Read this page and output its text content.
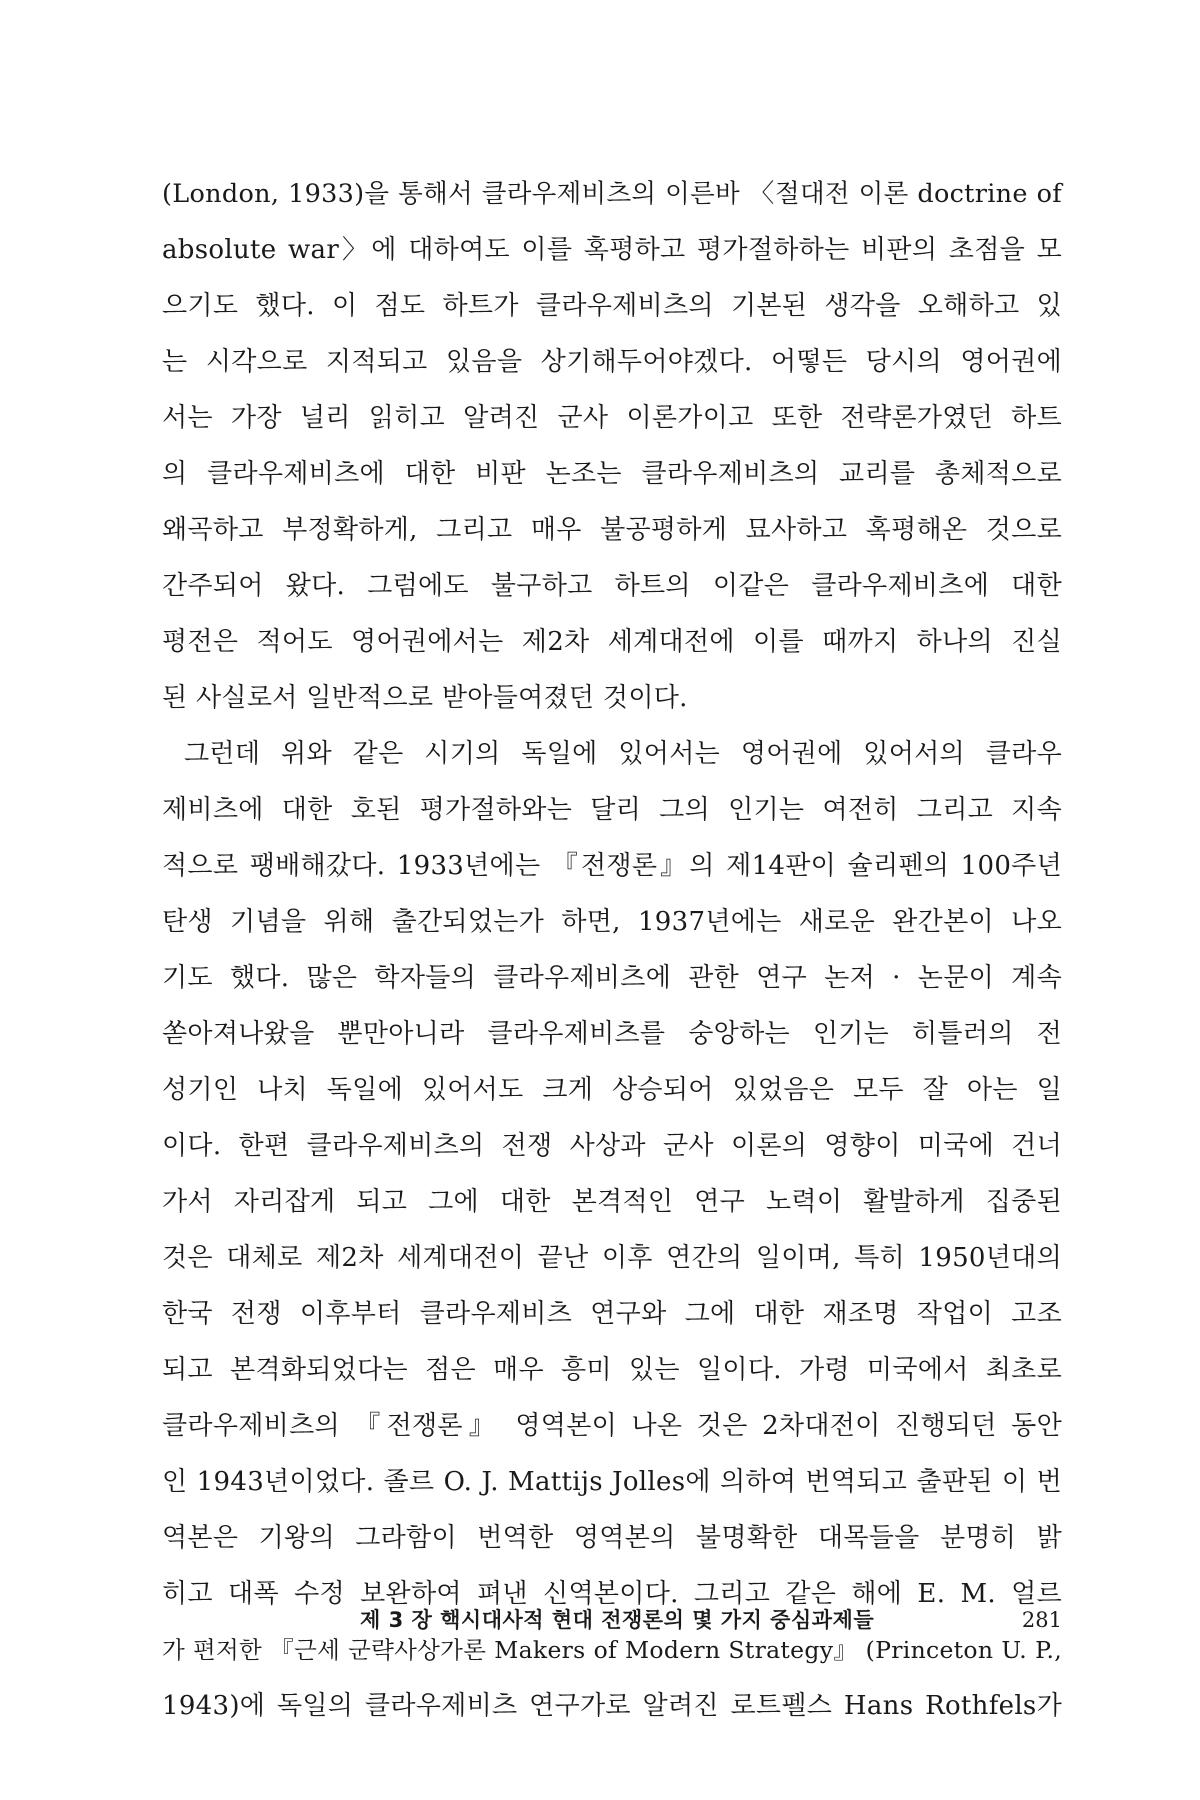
(London, 1933)을 통해서 클라우제비츠의 이른바 〈절대전 이론 doctrine of
absolute war〉에 대하여도 이를 혹평하고 평가절하하는 비판의 초점을 모
으기도 했다. 이 점도 하트가 클라우제비츠의 기본된 생각을 오해하고 있
는 시각으로 지적되고 있음을 상기해두어야겠다. 어떻든 당시의 영어권에
서는 가장 널리 읽히고 알려진 군사 이론가이고 또한 전략론가였던 하트
의 클라우제비츠에 대한 비판 논조는 클라우제비츠의 교리를 총체적으로
왜곡하고 부정확하게, 그리고 매우 불공평하게 묘사하고 혹평해온 것으로
간주되어 왔다. 그럼에도 불구하고 하트의 이같은 클라우제비츠에 대한
평전은 적어도 영어권에서는 제2차 세계대전에 이를 때까지 하나의 진실
된 사실로서 일반적으로 받아들여졌던 것이다.
그런데 위와 같은 시기의 독일에 있어서는 영어권에 있어서의 클라우
제비츠에 대한 호된 평가절하와는 달리 그의 인기는 여전히 그리고 지속
적으로 팽배해갔다. 1933년에는 『전쟁론』의 제14판이 슐리펜의 100주년
탄생 기념을 위해 출간되었는가 하면, 1937년에는 새로운 완간본이 나오
기도 했다. 많은 학자들의 클라우제비츠에 관한 연구 논저 · 논문이 계속
쏟아져나왔을 뿐만아니라 클라우제비츠를 숭앙하는 인기는 히틀러의 전
성기인 나치 독일에 있어서도 크게 상승되어 있었음은 모두 잘 아는 일
이다. 한편 클라우제비츠의 전쟁 사상과 군사 이론의 영향이 미국에 건너
가서 자리잡게 되고 그에 대한 본격적인 연구 노력이 활발하게 집중된
것은 대체로 제2차 세계대전이 끝난 이후 연간의 일이며, 특히 1950년대의
한국 전쟁 이후부터 클라우제비츠 연구와 그에 대한 재조명 작업이 고조
되고 본격화되었다는 점은 매우 흥미 있는 일이다. 가령 미국에서 최초로
클라우제비츠의 『전쟁론』 영역본이 나온 것은 2차대전이 진행되던 동안
인 1943년이었다. 졸르 O. J. Mattijs Jolles에 의하여 번역되고 출판된 이 번
역본은 기왕의 그라함이 번역한 영역본의 불명확한 대목들을 분명히 밝
히고 대폭 수정 보완하여 펴낸 신역본이다. 그리고 같은 해에 E. M. 얼르
가 편저한 『근세 군략사상가론 Makers of Modern Strategy』 (Princeton U. P.,
1943)에 독일의 클라우제비츠 연구가로 알려진 로트펠스 Hans Rothfels가
제 3 장 핵시대사적 현대 전쟁론의 몇 가지 중심과제들	281
